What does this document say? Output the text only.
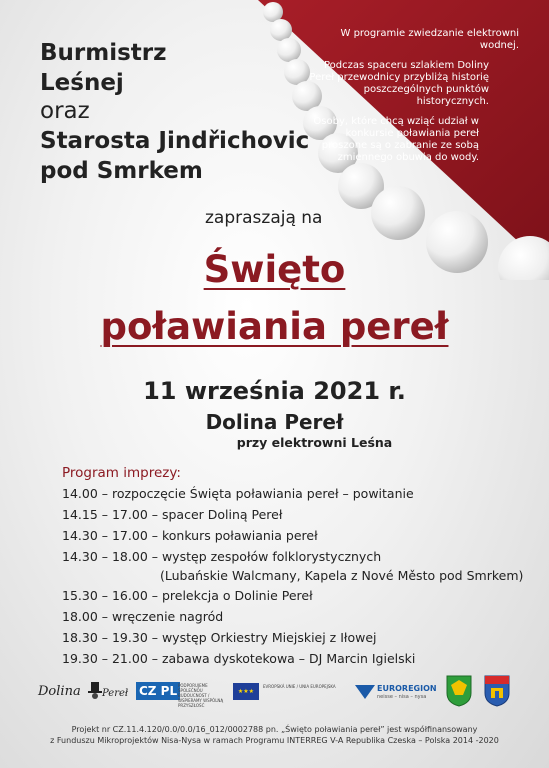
W programie zwiedzanie elektrowni wodnej.

Podczas spaceru szlakiem Doliny Pereł przewodnicy przybliżą historię poszczególnych punktów historycznych.

Osoby, które chcą wziąć udział w konkursie poławiania pereł proszone są o zabranie ze sobą zmiennego obuwia do wody.

Burmistrz
Leśnej
oraz
Starosta Jindřichovic
pod Smrkem
zapraszają na
Święto
poławiania pereł
11 września 2021 r.
Dolina Pereł
przy elektrowni Leśna
Program imprezy:
14.00 – rozpoczęcie Święta poławiania pereł – powitanie
14.15 – 17.00 – spacer Doliną Pereł
14.30 – 17.00 – konkurs poławiania pereł
14.30 – 18.00 – występ zespołów folklorystycznych
(Lubańskie Walcmany, Kapela z Nové Město pod Smrkem)
15.30 – 16.00 – prelekcja o Dolinie Pereł
18.00 – wręczenie nagród
18.30 – 19.30 – występ Orkiestry Miejskiej z Iłowej
19.30 – 21.00 – zabawa dyskotekowa – DJ Marcin Igielski
Dolina Pereł CZ PL PODPORUJEME SPOLEČNOU BUDOUCNOST / WSPIERAMY WSPÓLNĄ PRZYSZŁOŚĆ
★★★
EVROPSKÁ UNIE / UNIA EUROPEJSKA	EUROREGION
neisse – nisa – nysa
Projekt nr CZ.11.4.120/0.0/0.0/16_012/0002788 pn. „Święto poławiania pereł” jest współfinansowany
z Funduszu Mikroprojektów Nisa-Nysa w ramach Programu INTERREG V-A Republika Czeska – Polska 2014 -2020
